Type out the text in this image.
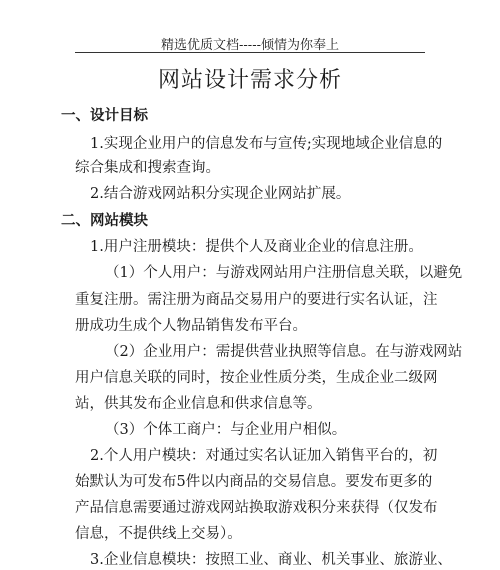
精选优质文档-----倾情为你奉上
网站设计需求分析
一、设计目标
1.实现企业用户的信息发布与宣传;实现地域企业信息的
综合集成和搜索查询。
2.结合游戏网站积分实现企业网站扩展。
二、网站模块
1.用户注册模块：提供个人及商业企业的信息注册。
（1）个人用户：与游戏网站用户注册信息关联，以避免
重复注册。需注册为商品交易用户的要进行实名认证，注
册成功生成个人物品销售发布平台。
（2）企业用户：需提供营业执照等信息。在与游戏网站
用户信息关联的同时，按企业性质分类，生成企业二级网
站，供其发布企业信息和供求信息等。
（3）个体工商户：与企业用户相似。
2.个人用户模块：对通过实名认证加入销售平台的，初
始默认为可发布5件以内商品的交易信息。要发布更多的
产品信息需要通过游戏网站换取游戏积分来获得（仅发布
信息，不提供线上交易）。
3.企业信息模块：按照工业、商业、机关事业、旅游业、
